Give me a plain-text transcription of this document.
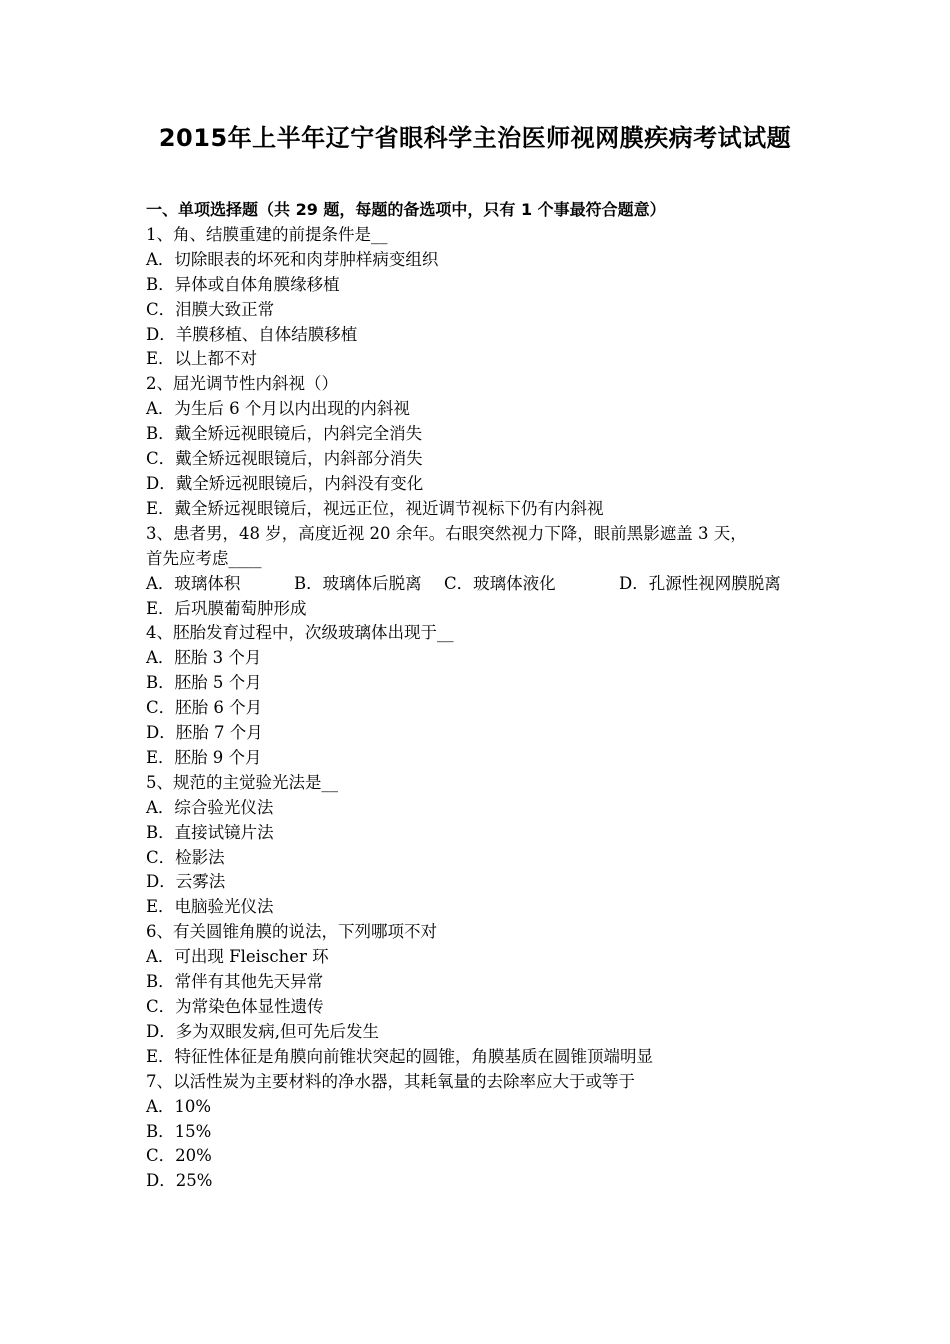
2015年上半年辽宁省眼科学主治医师视网膜疾病考试试题
一、单项选择题（共 29 题，每题的备选项中，只有 1 个事最符合题意）
1、角、结膜重建的前提条件是__
A．切除眼表的坏死和肉芽肿样病变组织
B．异体或自体角膜缘移植
C．泪膜大致正常
D．羊膜移植、自体结膜移植
E．以上都不对
2、屈光调节性内斜视（）
A．为生后 6 个月以内出现的内斜视
B．戴全矫远视眼镜后，内斜完全消失
C．戴全矫远视眼镜后，内斜部分消失
D．戴全矫远视眼镜后，内斜没有变化
E．戴全矫远视眼镜后，视远正位，视近调节视标下仍有内斜视
3、患者男，48 岁，高度近视 20 余年。右眼突然视力下降，眼前黑影遮盖 3 天，
首先应考虑____
A．玻璃体积	B．玻璃体后脱离	C．玻璃体液化	D．孔源性视网膜脱离
E．后巩膜葡萄肿形成
4、胚胎发育过程中，次级玻璃体出现于__
A．胚胎 3 个月
B．胚胎 5 个月
C．胚胎 6 个月
D．胚胎 7 个月
E．胚胎 9 个月
5、规范的主觉验光法是__
A．综合验光仪法
B．直接试镜片法
C．检影法
D．云雾法
E．电脑验光仪法
6、有关圆锥角膜的说法，下列哪项不对
A．可出现 Fleischer 环
B．常伴有其他先天异常
C．为常染色体显性遗传
D．多为双眼发病,但可先后发生
E．特征性体征是角膜向前锥状突起的圆锥，角膜基质在圆锥顶端明显
7、以活性炭为主要材料的净水器，其耗氧量的去除率应大于或等于
A．10%
B．15%
C．20%
D．25%
